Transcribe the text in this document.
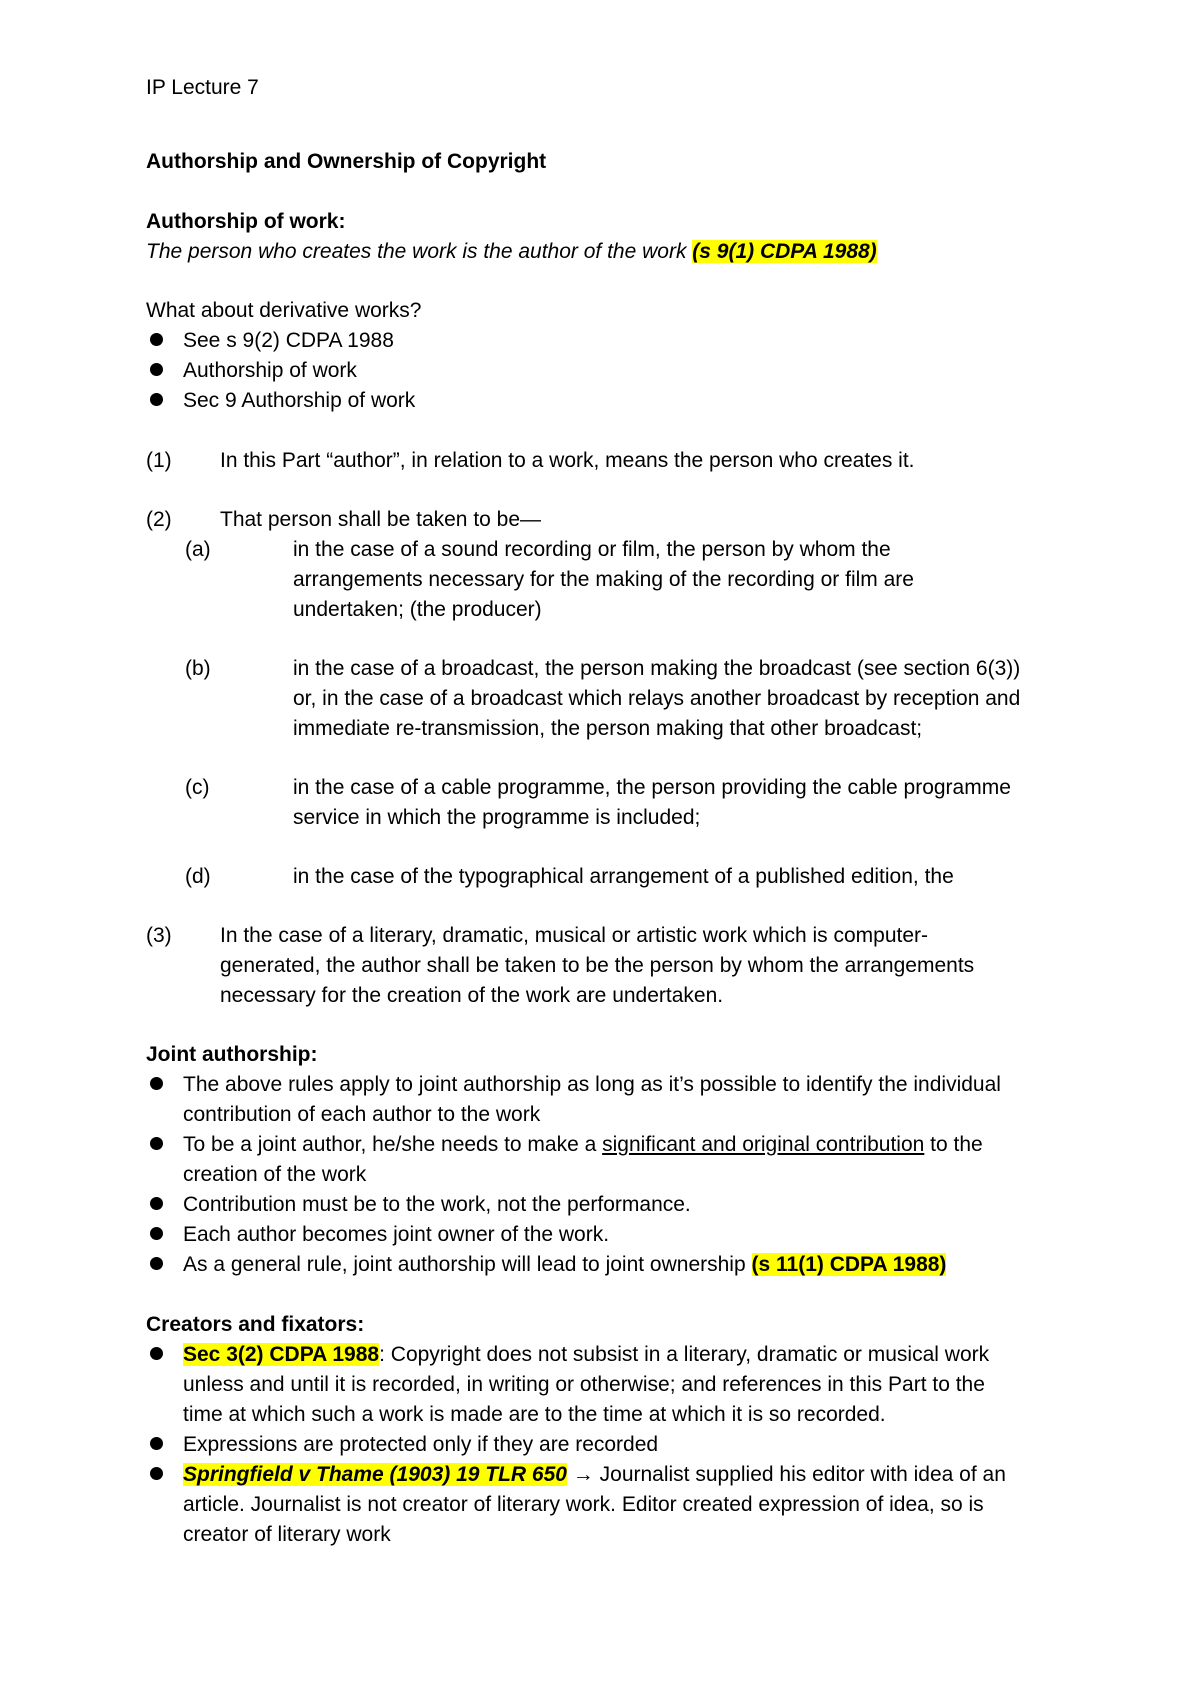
IP Lecture 7
Authorship and Ownership of Copyright
Authorship of work:
The person who creates the work is the author of the work (s 9(1) CDPA 1988)
What about derivative works?
See s 9(2) CDPA 1988
Authorship of work
Sec 9 Authorship of work
(1) In this Part “author”, in relation to a work, means the person who creates it.
(2) That person shall be taken to be—
(a)	in the case of a sound recording or film, the person by whom the
arrangements necessary for the making of the recording or film are
undertaken; (the producer)
(b)	in the case of a broadcast, the person making the broadcast (see section 6(3))
or, in the case of a broadcast which relays another broadcast by reception and
immediate re-transmission, the person making that other broadcast;
(c)	in the case of a cable programme, the person providing the cable programme
service in which the programme is included;
(d)	in the case of the typographical arrangement of a published edition, the
(3) In the case of a literary, dramatic, musical or artistic work which is computer-
generated, the author shall be taken to be the person by whom the arrangements
necessary for the creation of the work are undertaken.
Joint authorship:
The above rules apply to joint authorship as long as it’s possible to identify the individual
contribution of each author to the work
To be a joint author, he/she needs to make a significant and original contribution to the
creation of the work
Contribution must be to the work, not the performance.
Each author becomes joint owner of the work.
As a general rule, joint authorship will lead to joint ownership (s 11(1) CDPA 1988)
Creators and fixators:
Sec 3(2) CDPA 1988: Copyright does not subsist in a literary, dramatic or musical work
unless and until it is recorded, in writing or otherwise; and references in this Part to the
time at which such a work is made are to the time at which it is so recorded.
Expressions are protected only if they are recorded
Springfield v Thame (1903) 19 TLR 650 → Journalist supplied his editor with idea of an
article. Journalist is not creator of literary work. Editor created expression of idea, so is
creator of literary work
